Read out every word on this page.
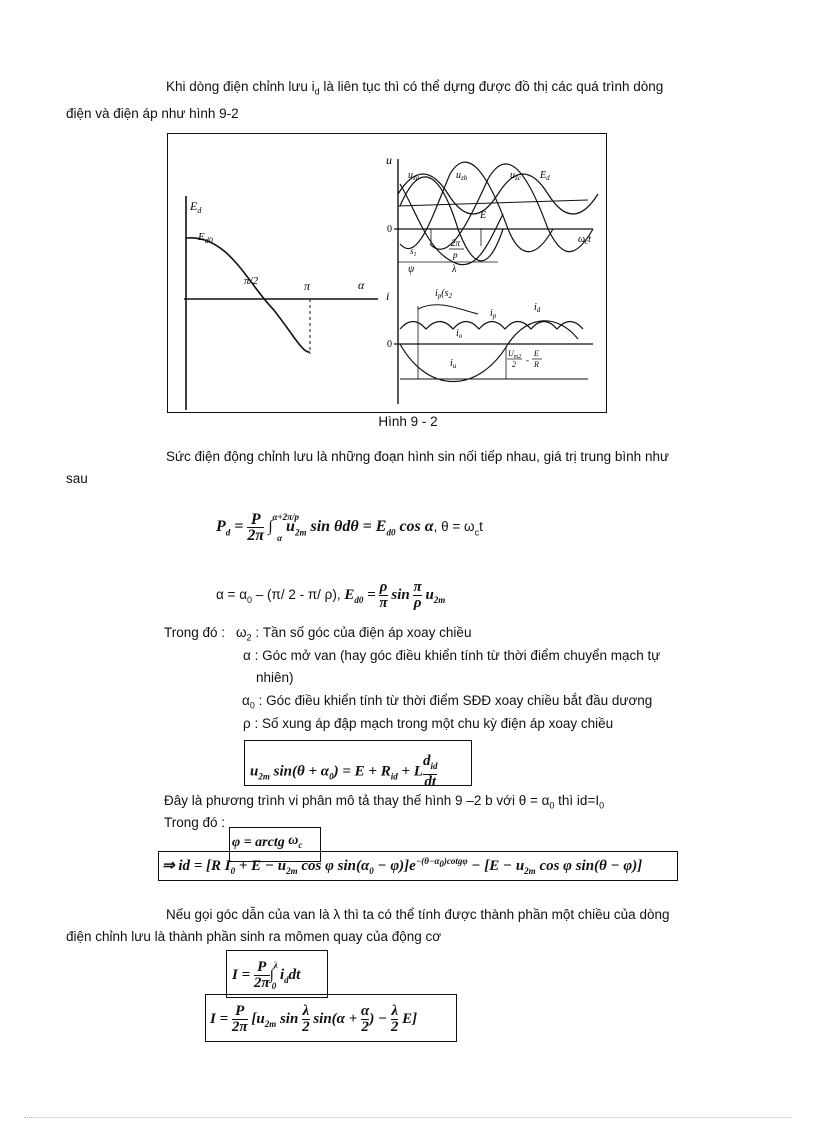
Khi dòng điện chỉnh lưu $i_d$ là liên tục thì có thể dựng được đồ thị các quá trình dòng
điện và điện áp như hình 9-2
$E_d$
$E_{d0}$
π/2	π	α
u
$u_{za}$	$u_{zb}$	$u_{zc}$ $E_d$
E
0
$\omega_ct$
$s_1$
2π
p
ψ	λ
i	$i_p(s_2$
$i_p$
$i_d$
$i_o$
$i_u$
0
$U_{m2}$
2 -
E
R
Hình 9 - 2
Sức điện động chỉnh lưu là những đoạn hình sin nối tiếp nhau, giá trị trung bình như
sau
$P_d = \frac{P}{2\pi} \int^{\alpha+2\pi/p}\alpha$ $u_{2m}$ $\sin \theta d\theta = E_{d0}$ cos α, $\theta = \omega_ct$
$\alpha = \alpha_0 - (\pi/$ 2 - π/ ρ), $E_{d0} = \frac{\rho}{\pi}$ $\sin \frac{\pi}{\rho} u_{2m}$
Trong đó : $\omega_2$ : Tần số góc của điện áp xoay chiều
α : Góc mở van (hay góc điều khiển tính từ thời điểm chuyển mạch tự
nhiên)
$\alpha_0$ : Góc điều khiển tính từ thời điểm SĐĐ xoay chiều bắt đầu dương
ρ : Số xung áp đập mạch trong một chu kỳ điện áp xoay chiều
$u_{2m}$ $\sin(\theta + \alpha_0) = E + R_{id} + L$
$d_{id}$
dt
Đây là phương trình vi phân mô tả thay thế hình 9 –2 b với $\theta = \alpha_0$ thì $id=I_0$
Trong đó :
φ = arctg $\omega_c$
⇒ id = [R $I_0 + E - u_{2m}$ cos φ $\sin(\alpha_0 - \varphi)]e^{-(\theta-\alpha_0)cotg\varphi} - [E - u_{2m}$ cos φ sin(θ − φ)]
Nếu gọi góc dẫn của van là λ thì ta có thể tính được thành phần một chiều của dòng
điện chỉnh lưu là thành phần sinh ra mômen quay của động cơ
$I = \frac{P}{2\pi} \int^\lambda 0$ $i_ddt$
$I = \frac{P}{2\pi} [u_{2m}$ $\sin \frac{\lambda}{2} \sin(\alpha + \frac{\alpha}{2}$ ) − $\frac{\lambda}{2} E$]
